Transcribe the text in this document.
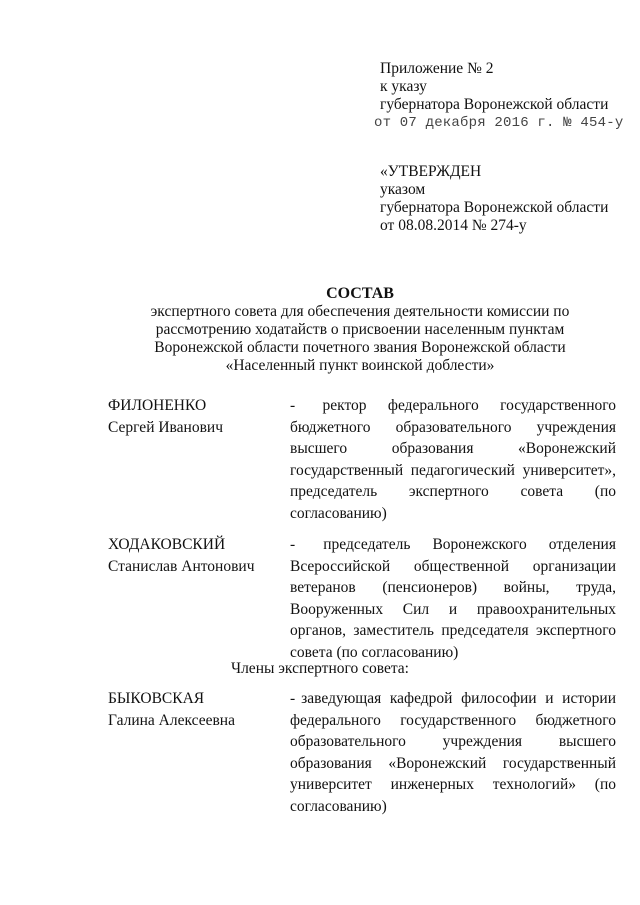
Приложение № 2
к указу
губернатора Воронежской области
от 07 декабря 2016 г. № 454-у
«УТВЕРЖДЕН
указом
губернатора Воронежской области
от 08.08.2014 № 274-у
СОСТАВ
экспертного совета для обеспечения деятельности комиссии по
рассмотрению ходатайств о присвоении населенным пунктам
Воронежской области почетного звания Воронежской области
«Населенный пункт воинской доблести»
ФИЛОНЕНКО
Сергей Иванович
- ректор федерального государственного бюджетного образовательного учреждения высшего образования «Воронежский государственный педагогический университет», председатель экспертного совета (по согласованию)
ХОДАКОВСКИЙ
Станислав Антонович
- председатель Воронежского отделения Всероссийской общественной организации ветеранов (пенсионеров) войны, труда, Вооруженных Сил и правоохранительных органов, заместитель председателя экспертного совета (по согласованию)
Члены экспертного совета:
БЫКОВСКАЯ
Галина Алексеевна
- заведующая кафедрой философии и истории федерального государственного бюджетного образовательного учреждения высшего образования «Воронежский государственный университет инженерных технологий» (по согласованию)
